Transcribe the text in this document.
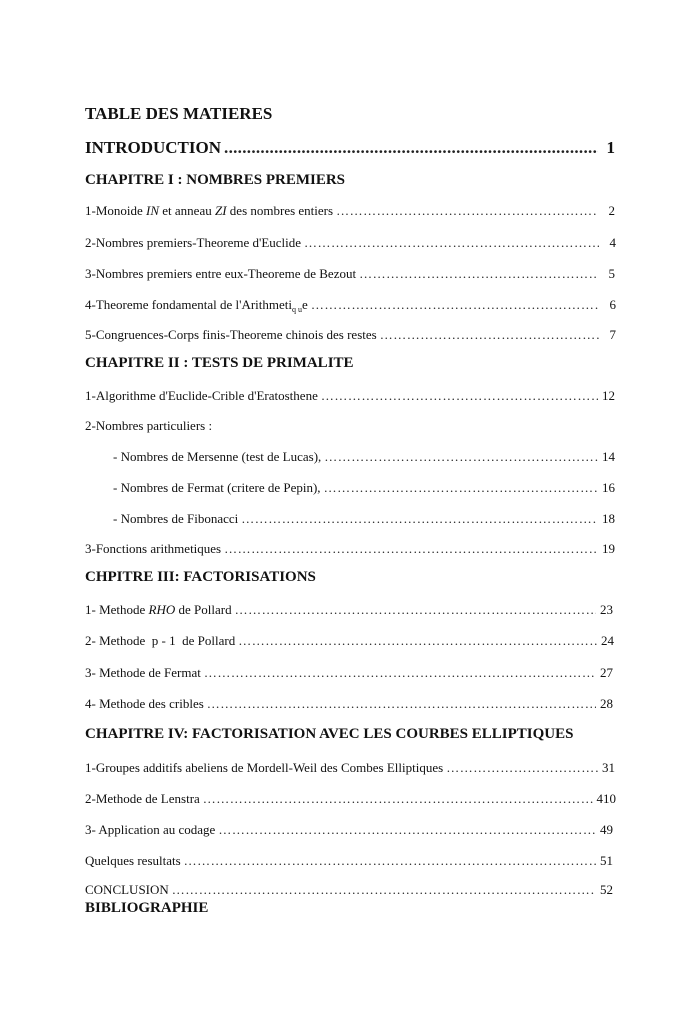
TABLE DES MATIERES
INTRODUCTION .....	1
CHAPITRE I : NOMBRES PREMIERS
1-Monoide IN et anneau ZI des nombres entiers ………………………………………………………………………………………………………………………………………………………………………………………………………………	2
2-Nombres premiers-Theoreme d'Euclide ………………………………………………………………………………………………………………………………………………………………………………………………………………	4
3-Nombres premiers entre eux-Theoreme de Bezout ………………………………………………………………………………………………………………………………………………………………………………………………………………	5
4-Theoreme fondamental de l'Arithmeti$_{q u}$e ………………………………………………………………………………………………………………………………………………………………………………………………………………	6
5-Congruences-Corps finis-Theoreme chinois des restes ………………………………………………………………………………………………………………………………………………………………………………………………………………	7
CHAPITRE II : TESTS DE PRIMALITE
1-Algorithme d'Euclide-Crible d'Eratosthene ………………………………………………………………………………………………………………………………………………………………………………………………………………	12
2-Nombres particuliers :
- Nombres de Mersenne (test de Lucas), ………………………………………………………………………………………………………………………………………………………………………………………………………………	14
- Nombres de Fermat (critere de Pepin), ………………………………………………………………………………………………………………………………………………………………………………………………………………	16
- Nombres de Fibonacci ………………………………………………………………………………………………………………………………………………………………………………………………………………	18
3-Fonctions arithmetiques ………………………………………………………………………………………………………………………………………………………………………………………………………………	19
CHPITRE III: FACTORISATIONS
1- Methode RHO de Pollard ………………………………………………………………………………………………………………………………………………………………………………………………………………	23
2- Methode  p - 1  de Pollard ………………………………………………………………………………………………………………………………………………………………………………………………………………	24
3- Methode de Fermat ………………………………………………………………………………………………………………………………………………………………………………………………………………	27
4- Methode des cribles ………………………………………………………………………………………………………………………………………………………………………………………………………………	28
CHAPITRE IV: FACTORISATION AVEC LES COURBES ELLIPTIQUES
1-Groupes additifs abeliens de Mordell-Weil des Combes Elliptiques ………………………………………………………………………………………………………………………………………………………………………………………………………………	31
2-Methode de Lenstra ………………………………………………………………………………………………………………………………………………………………………………………………………………	410
3- Application au codage ………………………………………………………………………………………………………………………………………………………………………………………………………………	49
Quelques resultats ………………………………………………………………………………………………………………………………………………………………………………………………………………	51
CONCLUSION ………………………………………………………………………………………………………………………………………………………………………………………………………………	52
BIBLIOGRAPHIE
